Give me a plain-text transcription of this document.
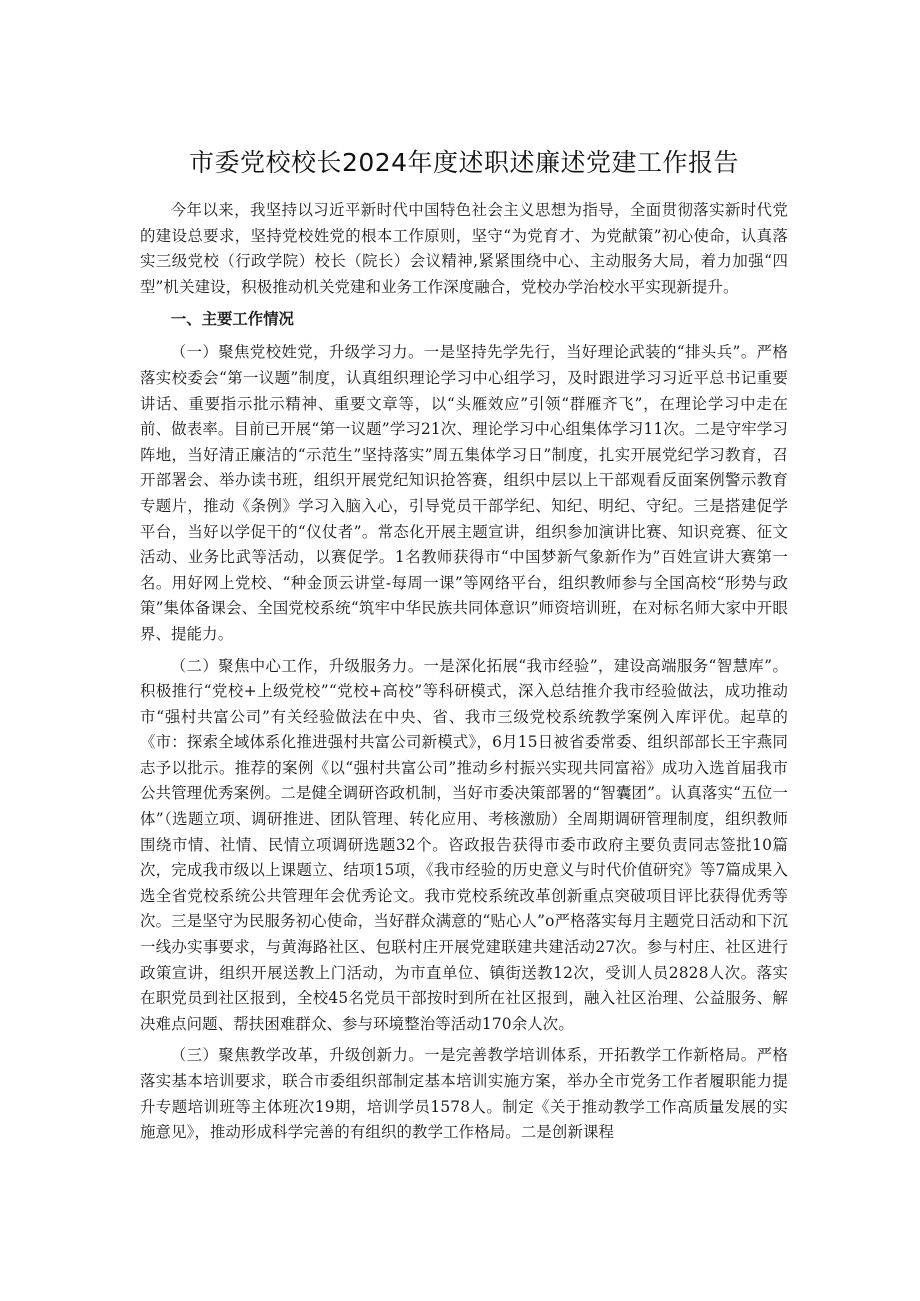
市委党校校长2024年度述职述廉述党建工作报告

今年以来，我坚持以习近平新时代中国特色社会主义思想为指导，全面贯彻落实新时代党的建设总要求，坚持党校姓党的根本工作原则，坚守“为党育才、为党献策”初心使命，认真落实三级党校（行政学院）校长（院长）会议精神,紧紧围绕中心、主动服务大局，着力加强“四型”机关建设，积极推动机关党建和业务工作深度融合，党校办学治校水平实现新提升。

一、主要工作情况

（一）聚焦党校姓党，升级学习力。一是坚持先学先行，当好理论武装的“排头兵”。严格落实校委会“第一议题”制度，认真组织理论学习中心组学习，及时跟进学习习近平总书记重要讲话、重要指示批示精神、重要文章等，以“头雁效应”引领“群雁齐飞”，在理论学习中走在前、做表率。目前已开展“第一议题”学习21次、理论学习中心组集体学习11次。二是守牢学习阵地，当好清正廉洁的“示范生”坚持落实”周五集体学习日”制度，扎实开展党纪学习教育，召开部署会、举办读书班，组织开展党纪知识抢答赛，组织中层以上干部观看反面案例警示教育专题片，推动《条例》学习入脑入心，引导党员干部学纪、知纪、明纪、守纪。三是搭建促学平台，当好以学促干的“仪仗者”。常态化开展主题宣讲，组织参加演讲比赛、知识竞赛、征文活动、业务比武等活动，以赛促学。1名教师获得市“中国梦新气象新作为”百姓宣讲大赛第一名。用好网上党校、“种金顶云讲堂-每周一课”等网络平台，组织教师参与全国高校“形势与政策”集体备课会、全国党校系统“筑牢中华民族共同体意识”师资培训班，在对标名师大家中开眼界、提能力。

（二）聚焦中心工作，升级服务力。一是深化拓展“我市经验”，建设高端服务“智慧库”。积极推行“党校+上级党校”“党校+高校”等科研模式，深入总结推介我市经验做法，成功推动市“强村共富公司”有关经验做法在中央、省、我市三级党校系统教学案例入库评优。起草的《市：探索全域体系化推进强村共富公司新模式》，6月15日被省委常委、组织部部长王宇燕同志予以批示。推荐的案例《以“强村共富公司”推动乡村振兴实现共同富裕》成功入选首届我市公共管理优秀案例。二是健全调研咨政机制，当好市委决策部署的“智囊团”。认真落实“五位一体”（选题立项、调研推进、团队管理、转化应用、考核激励）全周期调研管理制度，组织教师围绕市情、社情、民情立项调研选题32个。咨政报告获得市委市政府主要负责同志签批10篇次，完成我市级以上课题立、结项15项，《我市经验的历史意义与时代价值研究》等7篇成果入选全省党校系统公共管理年会优秀论文。我市党校系统改革创新重点突破项目评比获得优秀等次。三是坚守为民服务初心使命，当好群众满意的“贴心人”o严格落实每月主题党日活动和下沉一线办实事要求，与黄海路社区、包联村庄开展党建联建共建活动27次。参与村庄、社区进行政策宣讲，组织开展送教上门活动，为市直单位、镇街送教12次，受训人员2828人次。落实在职党员到社区报到，全校45名党员干部按时到所在社区报到，融入社区治理、公益服务、解决难点问题、帮扶困难群众、参与环境整治等活动170余人次。

（三）聚焦教学改革，升级创新力。一是完善教学培训体系，开拓教学工作新格局。严格落实基本培训要求，联合市委组织部制定基本培训实施方案，举办全市党务工作者履职能力提升专题培训班等主体班次19期，培训学员1578人。制定《关于推动教学工作高质量发展的实施意见》，推动形成科学完善的有组织的教学工作格局。二是创新课程
